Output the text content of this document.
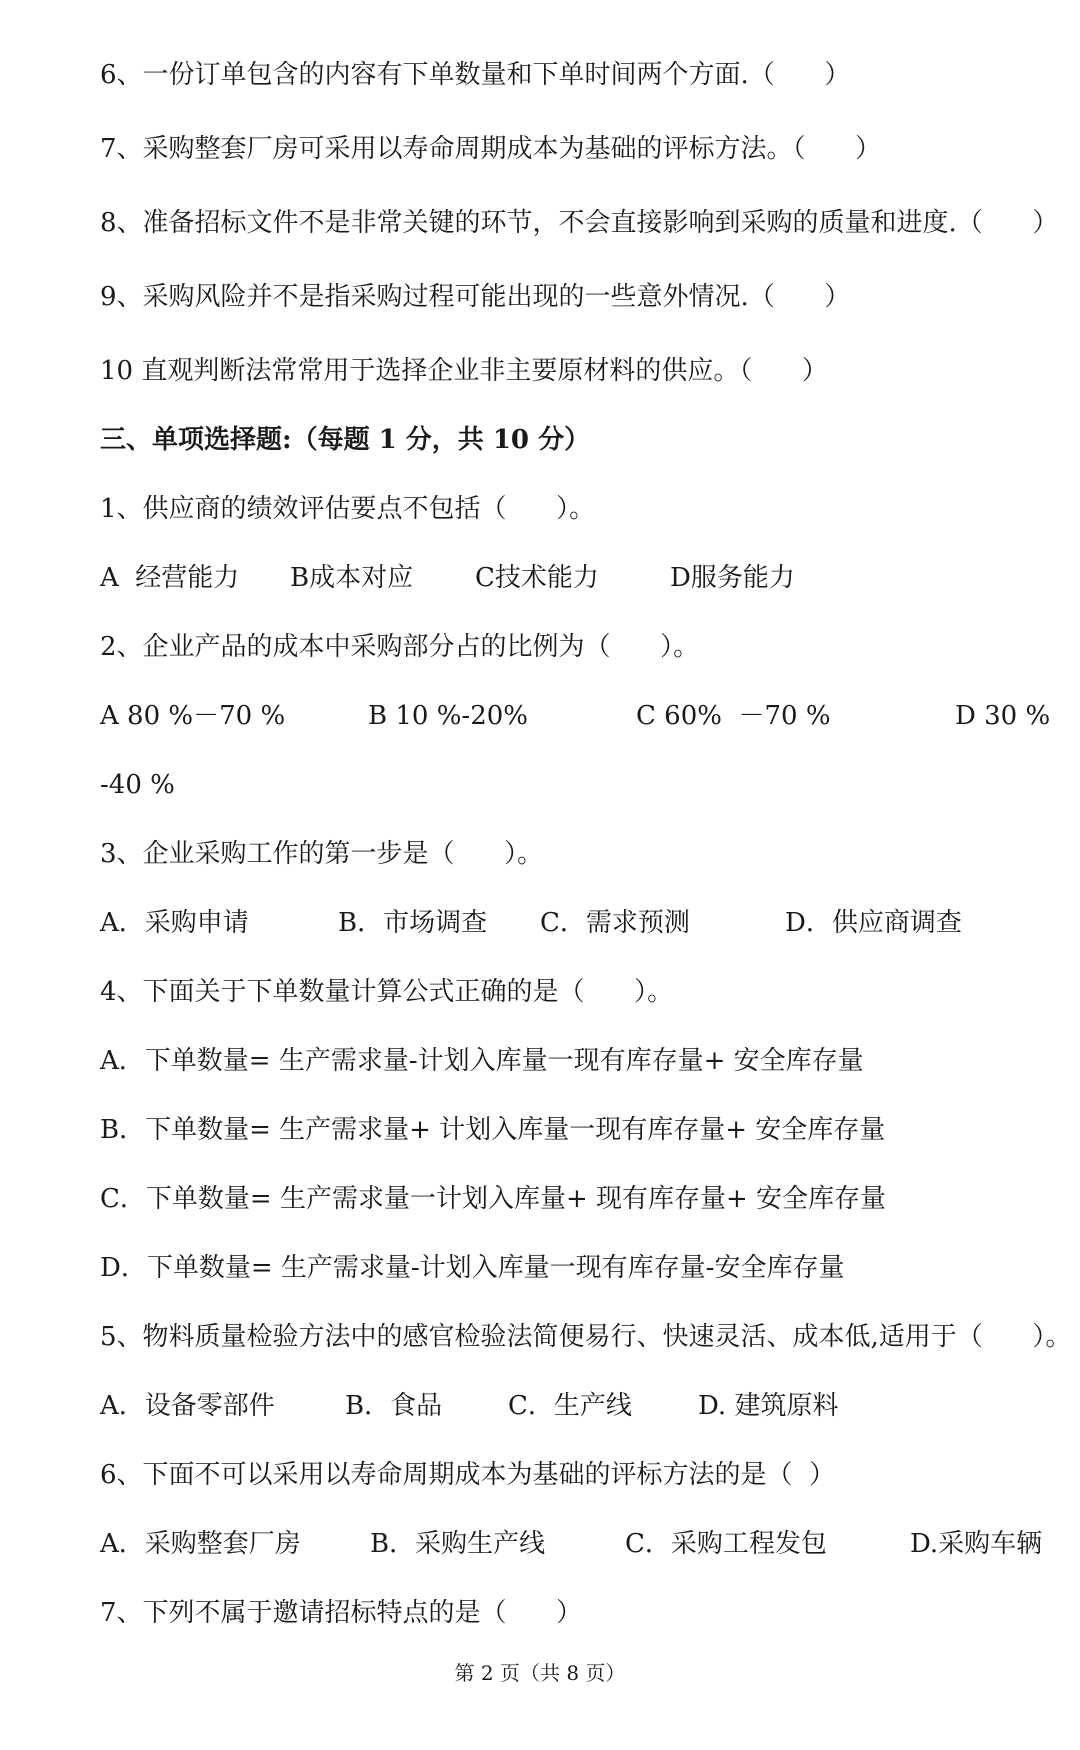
6、一份订单包含的内容有下单数量和下单时间两个方面.（      ）
7、采购整套厂房可采用以寿命周期成本为基础的评标方法。（      ）
8、准备招标文件不是非常关键的环节，不会直接影响到采购的质量和进度.（      ）
9、采购风险并不是指采购过程可能出现的一些意外情况.（      ）
10 直观判断法常常用于选择企业非主要原材料的供应。（      ）
三、单项选择题:（每题 1 分，共 10 分）
1、供应商的绩效评估要点不包括（      ）。
A  经营能力 B成本对应 C技术能力	D服务能力
2、企业产品的成本中采购部分占的比例为（      ）。
A 80 %－70 %	B 10 %-20%	C 60%  －70 %	D 30 %
-40 %
3、企业采购工作的第一步是（      ）。
A．采购申请	B．市场调查 C．需求预测	D．供应商调查
4、下面关于下单数量计算公式正确的是（      ）。
A．下单数量= 生产需求量-计划入库量一现有库存量+ 安全库存量
B．下单数量= 生产需求量+ 计划入库量一现有库存量+ 安全库存量
C．下单数量= 生产需求量一计划入库量+ 现有库存量+ 安全库存量
D．下单数量= 生产需求量-计划入库量一现有库存量-安全库存量
5、物料质量检验方法中的感官检验法简便易行、快速灵活、成本低,适用于（      ）。
A．设备零部件	B．食品	C．生产线	D. 建筑原料
6、下面不可以采用以寿命周期成本为基础的评标方法的是（  ）
A．采购整套厂房	B．采购生产线	C．采购工程发包	D.采购车辆
7、下列不属于邀请招标特点的是（      ）
第 2 页（共 8 页）
